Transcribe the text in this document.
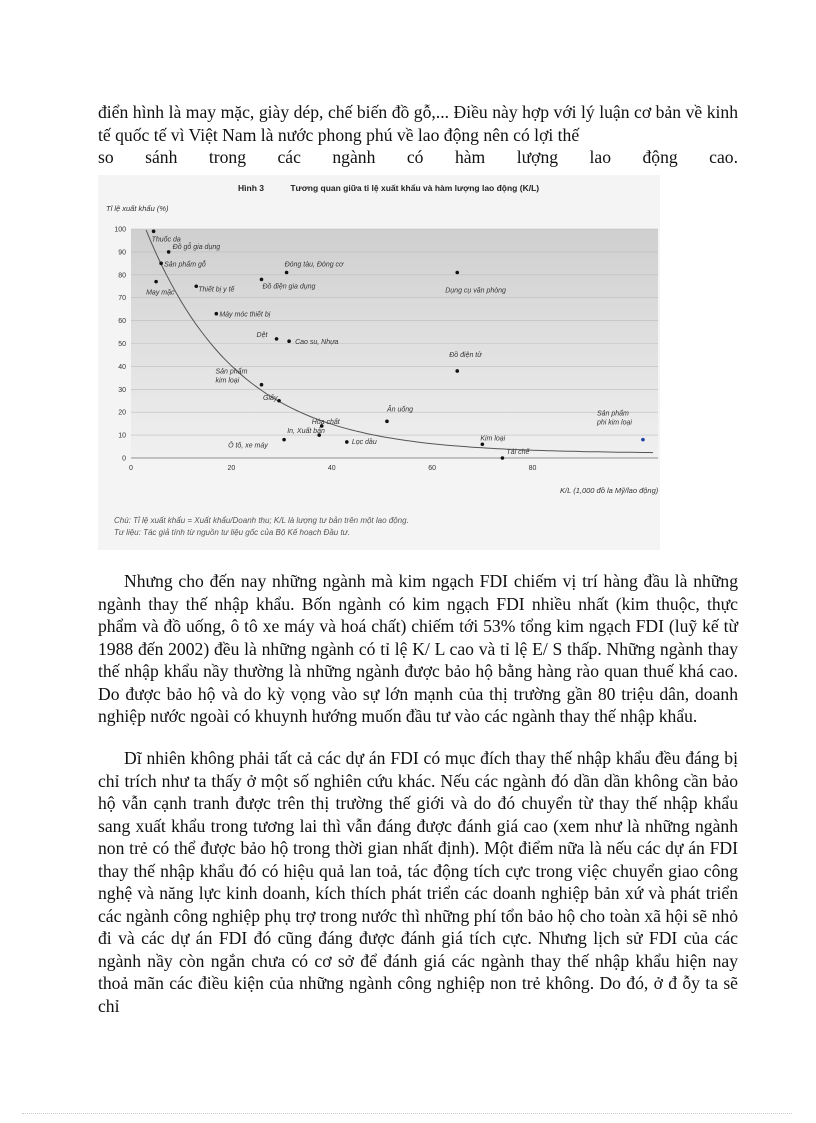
điển hình là may mặc, giày dép, chế biến đồ gỗ,... Điều này hợp với lý luận cơ bản về kinh tế quốc tế vì Việt Nam là nước phong phú về lao động nên có lợi thế
so sánh trong các ngành có hàm lượng lao động cao.

0
10
20
30
40
50
60
70
80
90
100
0	20	40	60	80
Tỉ lệ xuất khẩu (%)
K/L (1,000 đồ la Mỹ/lao động)
Thuốc da
Đồ gỗ gia dụng
Sản phẩm gỗ
May mặc	Thiết bị y tế
Đóng tàu, Đóng cơ
Đồ điện gia dụng
Máy móc thiết bị
Dệt
Cao su, Nhựa
Sản phẩm
kim loại
Giấy
Hóa chất
In, Xuất bản
Ô tô, xe máy
Lọc dầu
Ăn uống
Dụng cụ văn phòng
Đồ điện tử
Kim loại
Tái chế
Sản phẩm
phi kim loại
Hình 3	Tương quan giữa tỉ lệ xuất khẩu và hàm lượng lao động (K/L)
Chú: Tỉ lệ xuất khẩu = Xuất khẩu/Doanh thu; K/L là lượng tư bản trên một lao động.
Tư liệu: Tác giả tính từ nguồn tư liệu gốc của Bộ Kế hoạch Đầu tư.

Nhưng cho đến nay những ngành mà kim ngạch FDI chiếm vị trí hàng đầu là những ngành thay thế nhập khẩu. Bốn ngành có kim ngạch FDI nhiều nhất (kim thuộc, thực phẩm và đồ uống, ô tô xe máy và hoá chất) chiếm tới 53% tổng kim ngạch FDI (luỹ kế từ 1988 đến 2002) đều là những ngành có tỉ lệ K/ L cao và tỉ lệ E/ S thấp. Những ngành thay thế nhập khẩu nầy thường là những ngành được bảo hộ bằng hàng rào quan thuế khá cao. Do được bảo hộ và do kỳ vọng vào sự lớn mạnh của thị trường gần 80 triệu dân, doanh nghiệp nước ngoài có khuynh hướng muốn đầu tư vào các ngành thay thế nhập khẩu.

Dĩ nhiên không phải tất cả các dự án FDI có mục đích thay thế nhập khẩu đều đáng bị chỉ trích như ta thấy ở một số nghiên cứu khác. Nếu các ngành đó dần dần không cần bảo hộ vẫn cạnh tranh được trên thị trường thế giới và do đó chuyển từ thay thế nhập khẩu sang xuất khẩu trong tương lai thì vẫn đáng được đánh giá cao (xem như là những ngành non trẻ có thể được bảo hộ trong thời gian nhất định). Một điểm nữa là nếu các dự án FDI thay thế nhập khẩu đó có hiệu quả lan toả, tác động tích cực trong việc chuyển giao công nghệ và năng lực kinh doanh, kích thích phát triển các doanh nghiệp bản xứ và phát triển các ngành công nghiệp phụ trợ trong nước thì những phí tổn bảo hộ cho toàn xã hội sẽ nhỏ đi và các dự án FDI đó cũng đáng được đánh giá tích cực. Nhưng lịch sử FDI của các ngành nầy còn ngắn chưa có cơ sở để đánh giá các ngành thay thế nhập khẩu hiện nay thoả mãn các điều kiện của những ngành công nghiệp non trẻ không. Do đó, ở đ ỗy ta sẽ chỉ
